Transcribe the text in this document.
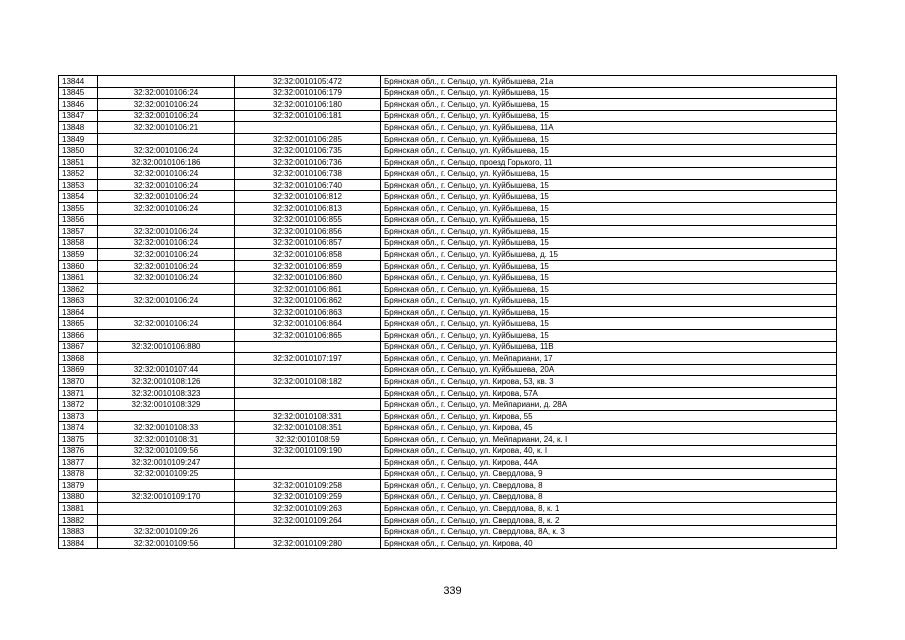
13844		32:32:0010105:472	Брянская обл., г. Сельцо, ул. Куйбышева, 21а
13845	32:32:0010106:24	32:32:0010106:179	Брянская обл., г. Сельцо, ул. Куйбышева, 15
13846	32:32:0010106:24	32:32:0010106:180	Брянская обл., г. Сельцо, ул. Куйбышева, 15
13847	32:32:0010106:24	32:32:0010106:181	Брянская обл., г. Сельцо, ул. Куйбышева, 15
13848	32:32:0010106:21		Брянская обл., г. Сельцо, ул. Куйбышева, 11А
13849		32:32:0010106:285	Брянская обл., г. Сельцо, ул. Куйбышева, 15
13850	32:32:0010106:24	32:32:0010106:735	Брянская обл., г. Сельцо, ул. Куйбышева, 15
13851	32:32:0010106:186	32:32:0010106:736	Брянская обл., г. Сельцо, проезд Горького, 11
13852	32:32:0010106:24	32:32:0010106:738	Брянская обл., г. Сельцо, ул. Куйбышева, 15
13853	32:32:0010106:24	32:32:0010106:740	Брянская обл., г. Сельцо, ул. Куйбышева, 15
13854	32:32:0010106:24	32:32:0010106:812	Брянская обл., г. Сельцо, ул. Куйбышева, 15
13855	32:32:0010106:24	32:32:0010106:813	Брянская обл., г. Сельцо, ул. Куйбышева, 15
13856		32:32:0010106:855	Брянская обл., г. Сельцо, ул. Куйбышева, 15
13857	32:32:0010106:24	32:32:0010106:856	Брянская обл., г. Сельцо, ул. Куйбышева, 15
13858	32:32:0010106:24	32:32:0010106:857	Брянская обл., г. Сельцо, ул. Куйбышева, 15
13859	32:32:0010106:24	32:32:0010106:858	Брянская обл., г. Сельцо, ул. Куйбышева, д. 15
13860	32:32:0010106:24	32:32:0010106:859	Брянская обл., г. Сельцо, ул. Куйбышева, 15
13861	32:32:0010106:24	32:32:0010106:860	Брянская обл., г. Сельцо, ул. Куйбышева, 15
13862		32:32:0010106:861	Брянская обл., г. Сельцо, ул. Куйбышева, 15
13863	32:32:0010106:24	32:32:0010106:862	Брянская обл., г. Сельцо, ул. Куйбышева, 15
13864		32:32:0010106:863	Брянская обл., г. Сельцо, ул. Куйбышева, 15
13865	32:32:0010106:24	32:32:0010106:864	Брянская обл., г. Сельцо, ул. Куйбышева, 15
13866		32:32:0010106:865	Брянская обл., г. Сельцо, ул. Куйбышева, 15
13867	32:32:0010106:880		Брянская обл., г. Сельцо, ул. Куйбышева, 11В
13868		32:32:0010107:197	Брянская обл., г. Сельцо, ул. Мейпариани, 17
13869	32:32:0010107:44		Брянская обл., г. Сельцо, ул. Куйбышева, 20А
13870	32:32:0010108:126	32:32:0010108:182	Брянская обл., г. Сельцо, ул. Кирова, 53, кв. 3
13871	32:32:0010108:323		Брянская обл., г. Сельцо, ул. Кирова, 57А
13872	32:32:0010108:329		Брянская обл., г. Сельцо, ул. Мейпариани, д. 28А
13873		32:32:0010108:331	Брянская обл., г. Сельцо, ул. Кирова, 55
13874	32:32:0010108:33	32:32:0010108:351	Брянская обл., г. Сельцо, ул. Кирова, 45
13875	32:32:0010108:31	32:32:0010108:59	Брянская обл., г. Сельцо, ул. Мейпариани, 24, к. I
13876	32:32:0010109:56	32:32:0010109:190	Брянская обл., г. Сельцо, ул. Кирова, 40, к. I
13877	32:32:0010109:247		Брянская обл., г. Сельцо, ул. Кирова, 44А
13878	32:32:0010109:25		Брянская обл., г. Сельцо, ул. Свердлова, 9
13879		32:32:0010109:258	Брянская обл., г. Сельцо, ул. Свердлова, 8
13880	32:32:0010109:170	32:32:0010109:259	Брянская обл., г. Сельцо, ул. Свердлова, 8
13881		32:32:0010109:263	Брянская обл., г. Сельцо, ул. Свердлова, 8, к. 1
13882		32:32:0010109:264	Брянская обл., г. Сельцо, ул. Свердлова, 8, к. 2
13883	32:32:0010109:26		Брянская обл., г. Сельцо, ул. Свердлова, 8А, к. 3
13884	32:32:0010109:56	32:32:0010109:280	Брянская обл., г. Сельцо, ул. Кирова, 40
339
